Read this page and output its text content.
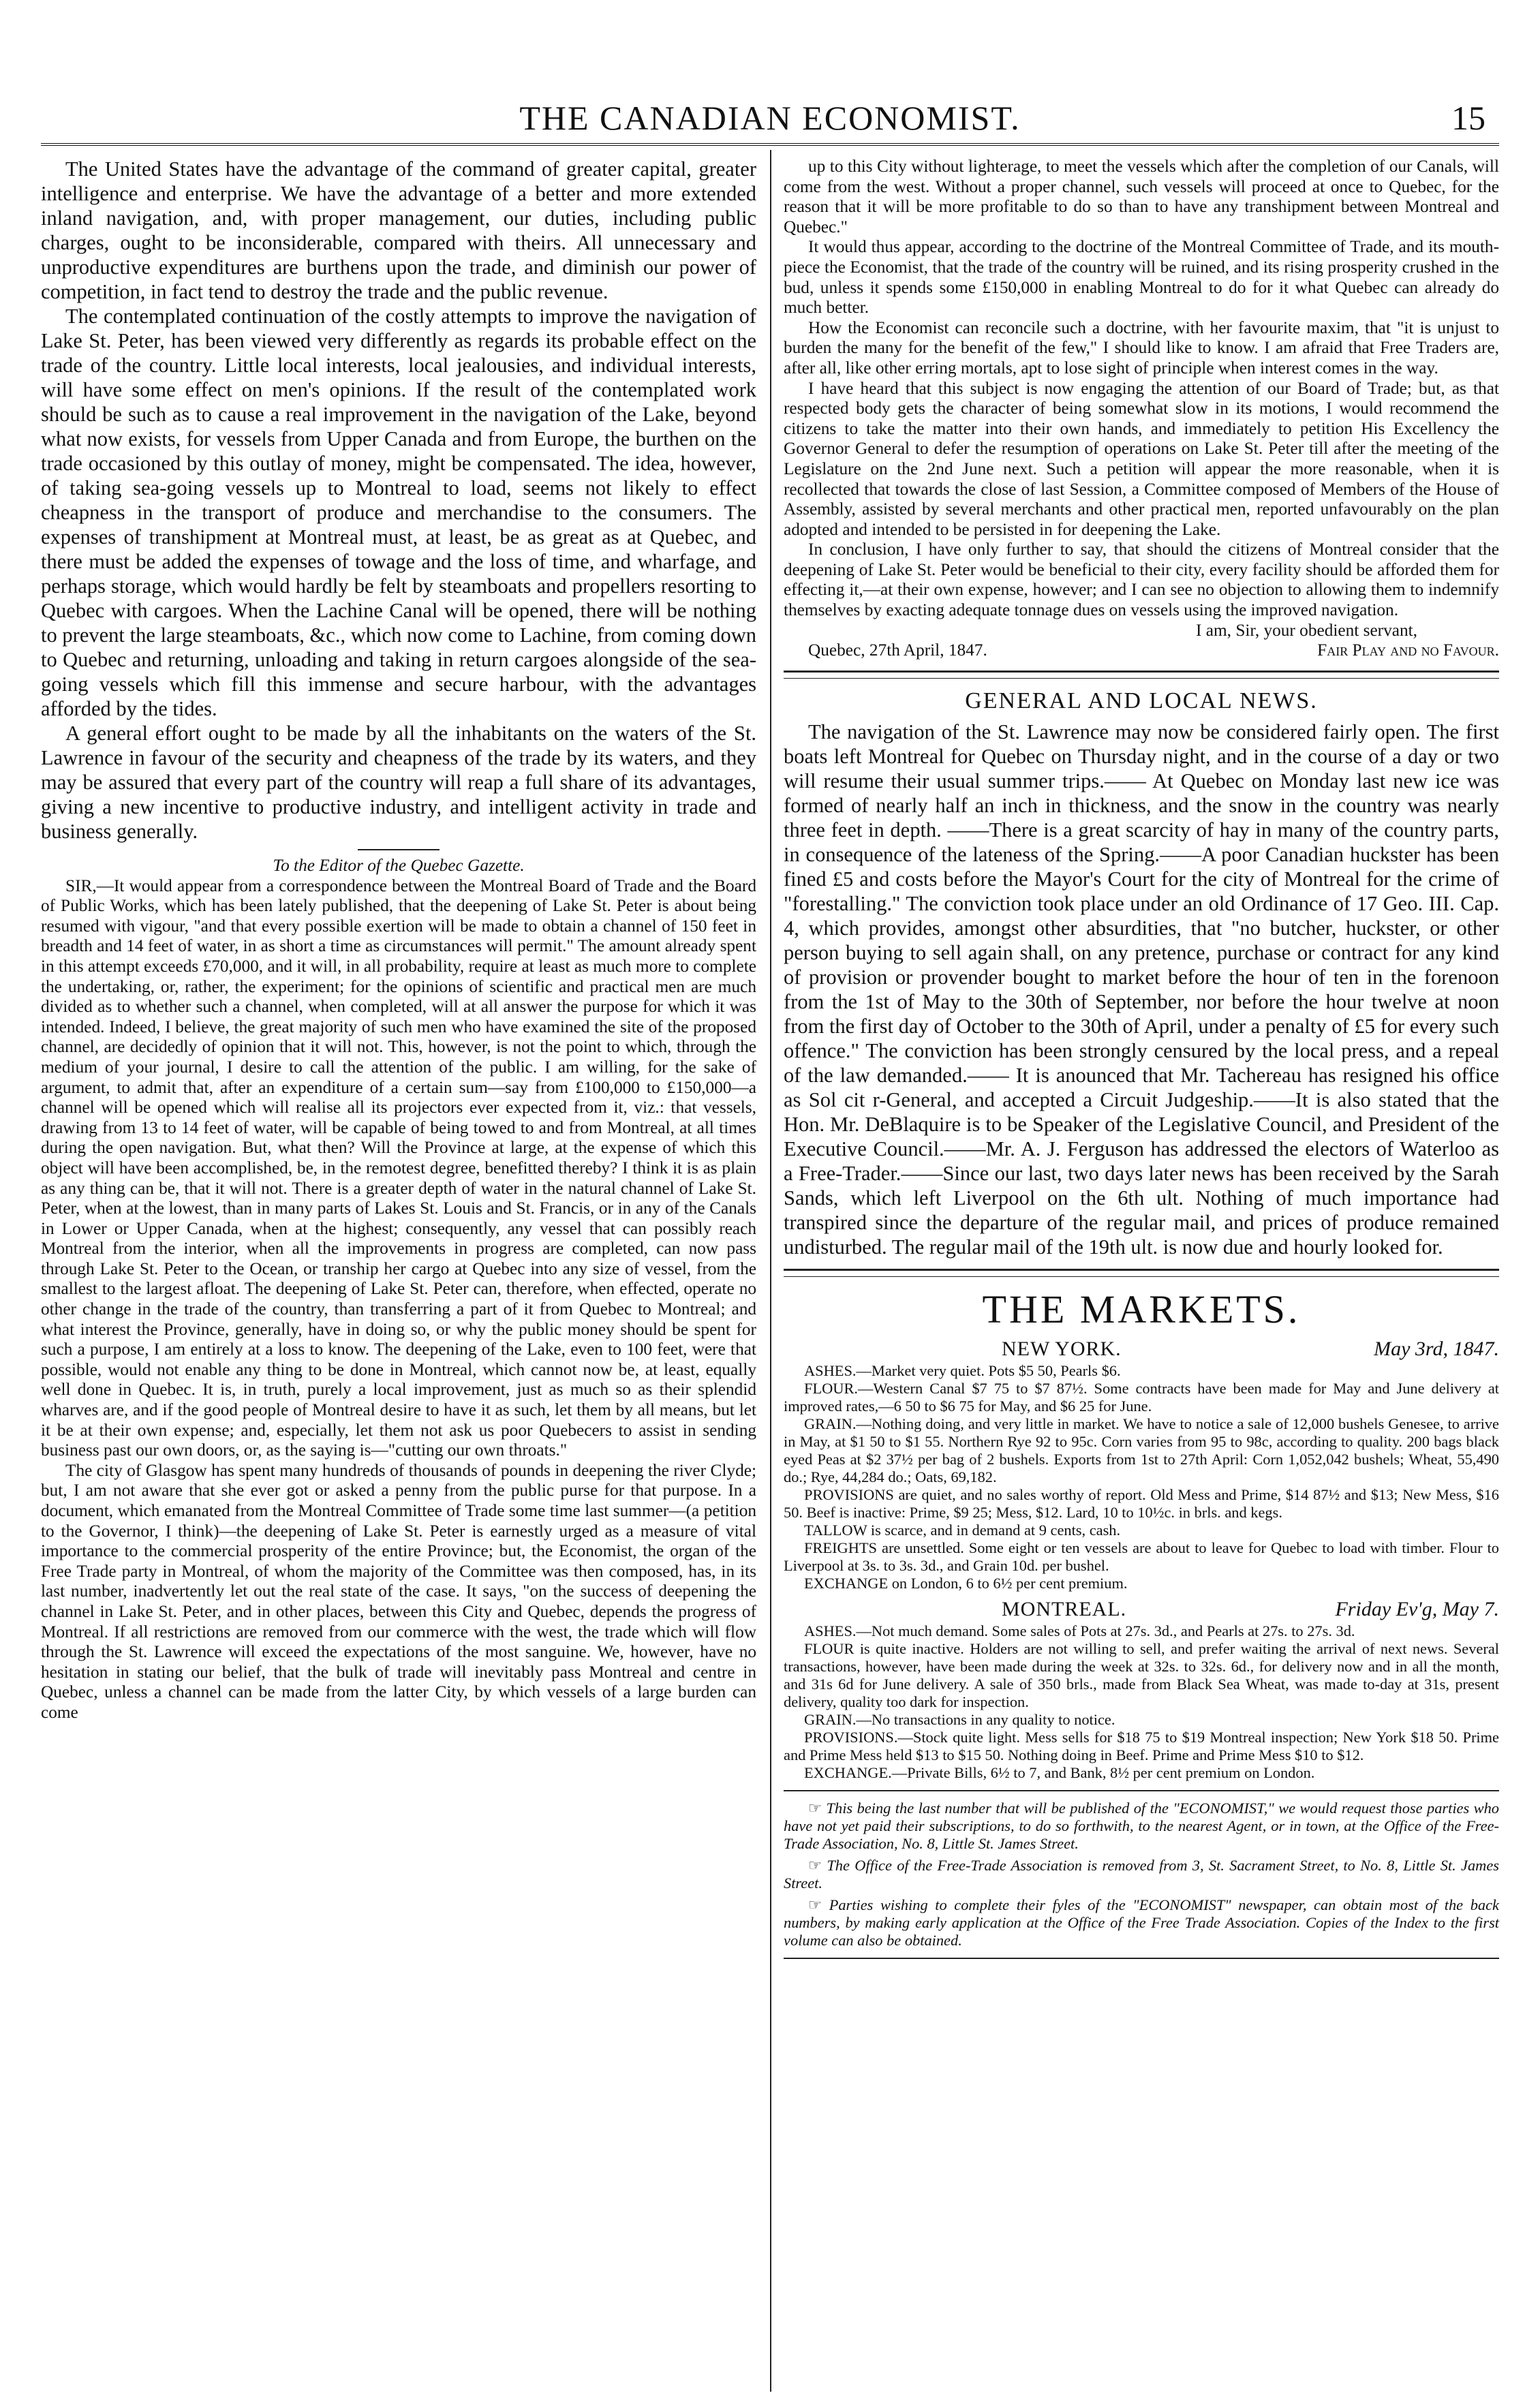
THE CANADIAN ECONOMIST.	15

The United States have the advantage of the command of greater capital, greater intelligence and enterprise. We have the advantage of a better and more extended inland navigation, and, with proper management, our duties, including public charges, ought to be inconsiderable, compared with theirs. All unnecessary and unproductive expenditures are burthens upon the trade, and diminish our power of competition, in fact tend to destroy the trade and the public revenue.

The contemplated continuation of the costly attempts to improve the navigation of Lake St. Peter, has been viewed very differently as regards its probable effect on the trade of the country. Little local interests, local jealousies, and individual interests, will have some effect on men's opinions. If the result of the contemplated work should be such as to cause a real improvement in the navigation of the Lake, beyond what now exists, for vessels from Upper Canada and from Europe, the burthen on the trade occasioned by this outlay of money, might be compensated. The idea, however, of taking sea-going vessels up to Montreal to load, seems not likely to effect cheapness in the transport of produce and merchandise to the consumers. The expenses of transhipment at Montreal must, at least, be as great as at Quebec, and there must be added the expenses of towage and the loss of time, and wharfage, and perhaps storage, which would hardly be felt by steamboats and propellers resorting to Quebec with cargoes. When the Lachine Canal will be opened, there will be nothing to prevent the large steamboats, &c., which now come to Lachine, from coming down to Quebec and returning, unloading and taking in return cargoes alongside of the sea-going vessels which fill this immense and secure harbour, with the advantages afforded by the tides.

A general effort ought to be made by all the inhabitants on the waters of the St. Lawrence in favour of the security and cheapness of the trade by its waters, and they may be assured that every part of the country will reap a full share of its advantages, giving a new incentive to productive industry, and intelligent activity in trade and business generally.

To the Editor of the Quebec Gazette.

SIR,—It would appear from a correspondence between the Montreal Board of Trade and the Board of Public Works, which has been lately published, that the deepening of Lake St. Peter is about being resumed with vigour, "and that every possible exertion will be made to obtain a channel of 150 feet in breadth and 14 feet of water, in as short a time as circumstances will permit." The amount already spent in this attempt exceeds £70,000, and it will, in all probability, require at least as much more to complete the undertaking, or, rather, the experiment; for the opinions of scientific and practical men are much divided as to whether such a channel, when completed, will at all answer the purpose for which it was intended. Indeed, I believe, the great majority of such men who have examined the site of the proposed channel, are decidedly of opinion that it will not. This, however, is not the point to which, through the medium of your journal, I desire to call the attention of the public. I am willing, for the sake of argument, to admit that, after an expenditure of a certain sum—say from £100,000 to £150,000—a channel will be opened which will realise all its projectors ever expected from it, viz.: that vessels, drawing from 13 to 14 feet of water, will be capable of being towed to and from Montreal, at all times during the open navigation. But, what then? Will the Province at large, at the expense of which this object will have been accomplished, be, in the remotest degree, benefitted thereby? I think it is as plain as any thing can be, that it will not. There is a greater depth of water in the natural channel of Lake St. Peter, when at the lowest, than in many parts of Lakes St. Louis and St. Francis, or in any of the Canals in Lower or Upper Canada, when at the highest; consequently, any vessel that can possibly reach Montreal from the interior, when all the improvements in progress are completed, can now pass through Lake St. Peter to the Ocean, or tranship her cargo at Quebec into any size of vessel, from the smallest to the largest afloat. The deepening of Lake St. Peter can, therefore, when effected, operate no other change in the trade of the country, than transferring a part of it from Quebec to Montreal; and what interest the Province, generally, have in doing so, or why the public money should be spent for such a purpose, I am entirely at a loss to know. The deepening of the Lake, even to 100 feet, were that possible, would not enable any thing to be done in Montreal, which cannot now be, at least, equally well done in Quebec. It is, in truth, purely a local improvement, just as much so as their splendid wharves are, and if the good people of Montreal desire to have it as such, let them by all means, but let it be at their own expense; and, especially, let them not ask us poor Quebecers to assist in sending business past our own doors, or, as the saying is—"cutting our own throats."

The city of Glasgow has spent many hundreds of thousands of pounds in deepening the river Clyde; but, I am not aware that she ever got or asked a penny from the public purse for that purpose. In a document, which emanated from the Montreal Committee of Trade some time last summer—(a petition to the Governor, I think)—the deepening of Lake St. Peter is earnestly urged as a measure of vital importance to the commercial prosperity of the entire Province; but, the Economist, the organ of the Free Trade party in Montreal, of whom the majority of the Committee was then composed, has, in its last number, inadvertently let out the real state of the case. It says, "on the success of deepening the channel in Lake St. Peter, and in other places, between this City and Quebec, depends the progress of Montreal. If all restrictions are removed from our commerce with the west, the trade which will flow through the St. Lawrence will exceed the expectations of the most sanguine. We, however, have no hesitation in stating our belief, that the bulk of trade will inevitably pass Montreal and centre in Quebec, unless a channel can be made from the latter City, by which vessels of a large burden can come

up to this City without lighterage, to meet the vessels which after the completion of our Canals, will come from the west. Without a proper channel, such vessels will proceed at once to Quebec, for the reason that it will be more profitable to do so than to have any transhipment between Montreal and Quebec."

It would thus appear, according to the doctrine of the Montreal Committee of Trade, and its mouth-piece the Economist, that the trade of the country will be ruined, and its rising prosperity crushed in the bud, unless it spends some £150,000 in enabling Montreal to do for it what Quebec can already do much better.

How the Economist can reconcile such a doctrine, with her favourite maxim, that "it is unjust to burden the many for the benefit of the few," I should like to know. I am afraid that Free Traders are, after all, like other erring mortals, apt to lose sight of principle when interest comes in the way.

I have heard that this subject is now engaging the attention of our Board of Trade; but, as that respected body gets the character of being somewhat slow in its motions, I would recommend the citizens to take the matter into their own hands, and immediately to petition His Excellency the Governor General to defer the resumption of operations on Lake St. Peter till after the meeting of the Legislature on the 2nd June next. Such a petition will appear the more reasonable, when it is recollected that towards the close of last Session, a Committee composed of Members of the House of Assembly, assisted by several merchants and other practical men, reported unfavourably on the plan adopted and intended to be persisted in for deepening the Lake.

In conclusion, I have only further to say, that should the citizens of Montreal consider that the deepening of Lake St. Peter would be beneficial to their city, every facility should be afforded them for effecting it,—at their own expense, however; and I can see no objection to allowing them to indemnify themselves by exacting adequate tonnage dues on vessels using the improved navigation.

I am, Sir, your obedient servant,

Quebec, 27th April, 1847.	Fair Play and no Favour.
GENERAL AND LOCAL NEWS.

The navigation of the St. Lawrence may now be considered fairly open. The first boats left Montreal for Quebec on Thursday night, and in the course of a day or two will resume their usual summer trips.—— At Quebec on Monday last new ice was formed of nearly half an inch in thickness, and the snow in the country was nearly three feet in depth. ——There is a great scarcity of hay in many of the country parts, in consequence of the lateness of the Spring.——A poor Canadian huckster has been fined £5 and costs before the Mayor's Court for the city of Montreal for the crime of "forestalling." The conviction took place under an old Ordinance of 17 Geo. III. Cap. 4, which provides, amongst other absurdities, that "no butcher, huckster, or other person buying to sell again shall, on any pretence, purchase or contract for any kind of provision or provender bought to market before the hour of ten in the forenoon from the 1st of May to the 30th of September, nor before the hour twelve at noon from the first day of October to the 30th of April, under a penalty of £5 for every such offence." The conviction has been strongly censured by the local press, and a repeal of the law demanded.—— It is anounced that Mr. Tachereau has resigned his office as Sol cit r-General, and accepted a Circuit Judgeship.——It is also stated that the Hon. Mr. DeBlaquire is to be Speaker of the Legislative Council, and President of the Executive Council.——Mr. A. J. Ferguson has addressed the electors of Waterloo as a Free-Trader.——Since our last, two days later news has been received by the Sarah Sands, which left Liverpool on the 6th ult. Nothing of much importance had transpired since the departure of the regular mail, and prices of produce remained undisturbed. The regular mail of the 19th ult. is now due and hourly looked for.

THE MARKETS.
NEW YORK.	May 3rd, 1847.

ASHES.—Market very quiet. Pots $5 50, Pearls $6.

FLOUR.—Western Canal $7 75 to $7 87½. Some contracts have been made for May and June delivery at improved rates,—6 50 to $6 75 for May, and $6 25 for June.

GRAIN.—Nothing doing, and very little in market. We have to notice a sale of 12,000 bushels Genesee, to arrive in May, at $1 50 to $1 55. Northern Rye 92 to 95c. Corn varies from 95 to 98c, according to quality. 200 bags black eyed Peas at $2 37½ per bag of 2 bushels. Exports from 1st to 27th April: Corn 1,052,042 bushels; Wheat, 55,490 do.; Rye, 44,284 do.; Oats, 69,182.

PROVISIONS are quiet, and no sales worthy of report. Old Mess and Prime, $14 87½ and $13; New Mess, $16 50. Beef is inactive: Prime, $9 25; Mess, $12. Lard, 10 to 10½c. in brls. and kegs.

TALLOW is scarce, and in demand at 9 cents, cash.

FREIGHTS are unsettled. Some eight or ten vessels are about to leave for Quebec to load with timber. Flour to Liverpool at 3s. to 3s. 3d., and Grain 10d. per bushel.

EXCHANGE on London, 6 to 6½ per cent premium.

MONTREAL.	Friday Ev'g, May 7.

ASHES.—Not much demand. Some sales of Pots at 27s. 3d., and Pearls at 27s. to 27s. 3d.

FLOUR is quite inactive. Holders are not willing to sell, and prefer waiting the arrival of next news. Several transactions, however, have been made during the week at 32s. to 32s. 6d., for delivery now and in all the month, and 31s 6d for June delivery. A sale of 350 brls., made from Black Sea Wheat, was made to-day at 31s, present delivery, quality too dark for inspection.

GRAIN.—No transactions in any quality to notice.

PROVISIONS.—Stock quite light. Mess sells for $18 75 to $19 Montreal inspection; New York $18 50. Prime and Prime Mess held $13 to $15 50. Nothing doing in Beef. Prime and Prime Mess $10 to $12.

EXCHANGE.—Private Bills, 6½ to 7, and Bank, 8½ per cent premium on London.

☞ This being the last number that will be published of the "ECONOMIST," we would request those parties who have not yet paid their subscriptions, to do so forthwith, to the nearest Agent, or in town, at the Office of the Free-Trade Association, No. 8, Little St. James Street.

☞ The Office of the Free-Trade Association is removed from 3, St. Sacrament Street, to No. 8, Little St. James Street.

☞ Parties wishing to complete their fyles of the "ECONOMIST" newspaper, can obtain most of the back numbers, by making early application at the Office of the Free Trade Association. Copies of the Index to the first volume can also be obtained.
